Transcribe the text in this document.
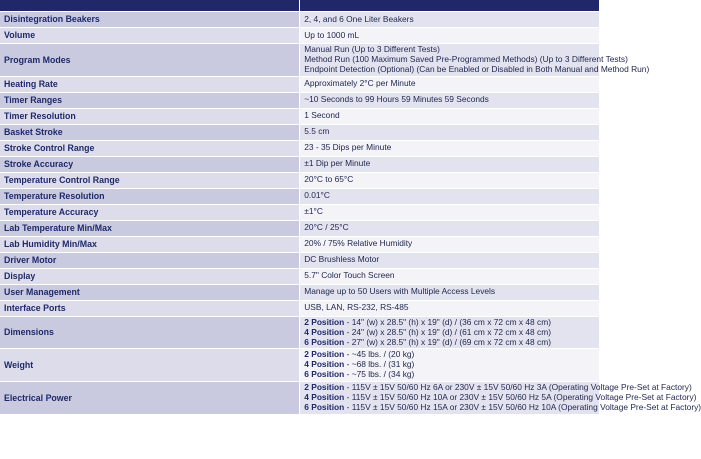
Disintegration Beakers	2, 4, and 6 One Liter Beakers

Volume	Up to 1000 mL

Program Modes	Manual Run (Up to 3 Different Tests)
Method Run (100 Maximum Saved Pre-Programmed Methods) (Up to 3 Different Tests)
Endpoint Detection (Optional) (Can be Enabled or Disabled in Both Manual and Method Run)

Heating Rate	Approximately 2°C per Minute

Timer Ranges	~10 Seconds to 99 Hours 59 Minutes 59 Seconds

Timer Resolution	1 Second

Basket Stroke	5.5 cm

Stroke Control Range	23 - 35 Dips per Minute

Stroke Accuracy	±1 Dip per Minute

Temperature Control Range	20°C to 65°C

Temperature Resolution	0.01°C

Temperature Accuracy	±1°C

Lab Temperature Min/Max	20°C / 25°C

Lab Humidity Min/Max	20% / 75% Relative Humidity

Driver Motor	DC Brushless Motor

Display	5.7" Color Touch Screen

User Management	Manage up to 50 Users with Multiple Access Levels

Interface Ports	USB, LAN, RS-232, RS-485

Dimensions	2 Position - 14" (w) x 28.5" (h) x 19" (d) / (36 cm x 72 cm x 48 cm)
4 Position - 24" (w) x 28.5" (h) x 19" (d) / (61 cm x 72 cm x 48 cm)
6 Position - 27" (w) x 28.5" (h) x 19" (d) / (69 cm x 72 cm x 48 cm)

Weight	2 Position - ~45 lbs. / (20 kg)
4 Position - ~68 lbs. / (31 kg)
6 Position - ~75 lbs. / (34 kg)

Electrical Power	2 Position - 115V ± 15V 50/60 Hz 6A or 230V ± 15V 50/60 Hz 3A (Operating Voltage Pre-Set at Factory)
4 Position - 115V ± 15V 50/60 Hz 10A or 230V ± 15V 50/60 Hz 5A (Operating Voltage Pre-Set at Factory)
6 Position - 115V ± 15V 50/60 Hz 15A or 230V ± 15V 50/60 Hz 10A (Operating Voltage Pre-Set at Factory)
